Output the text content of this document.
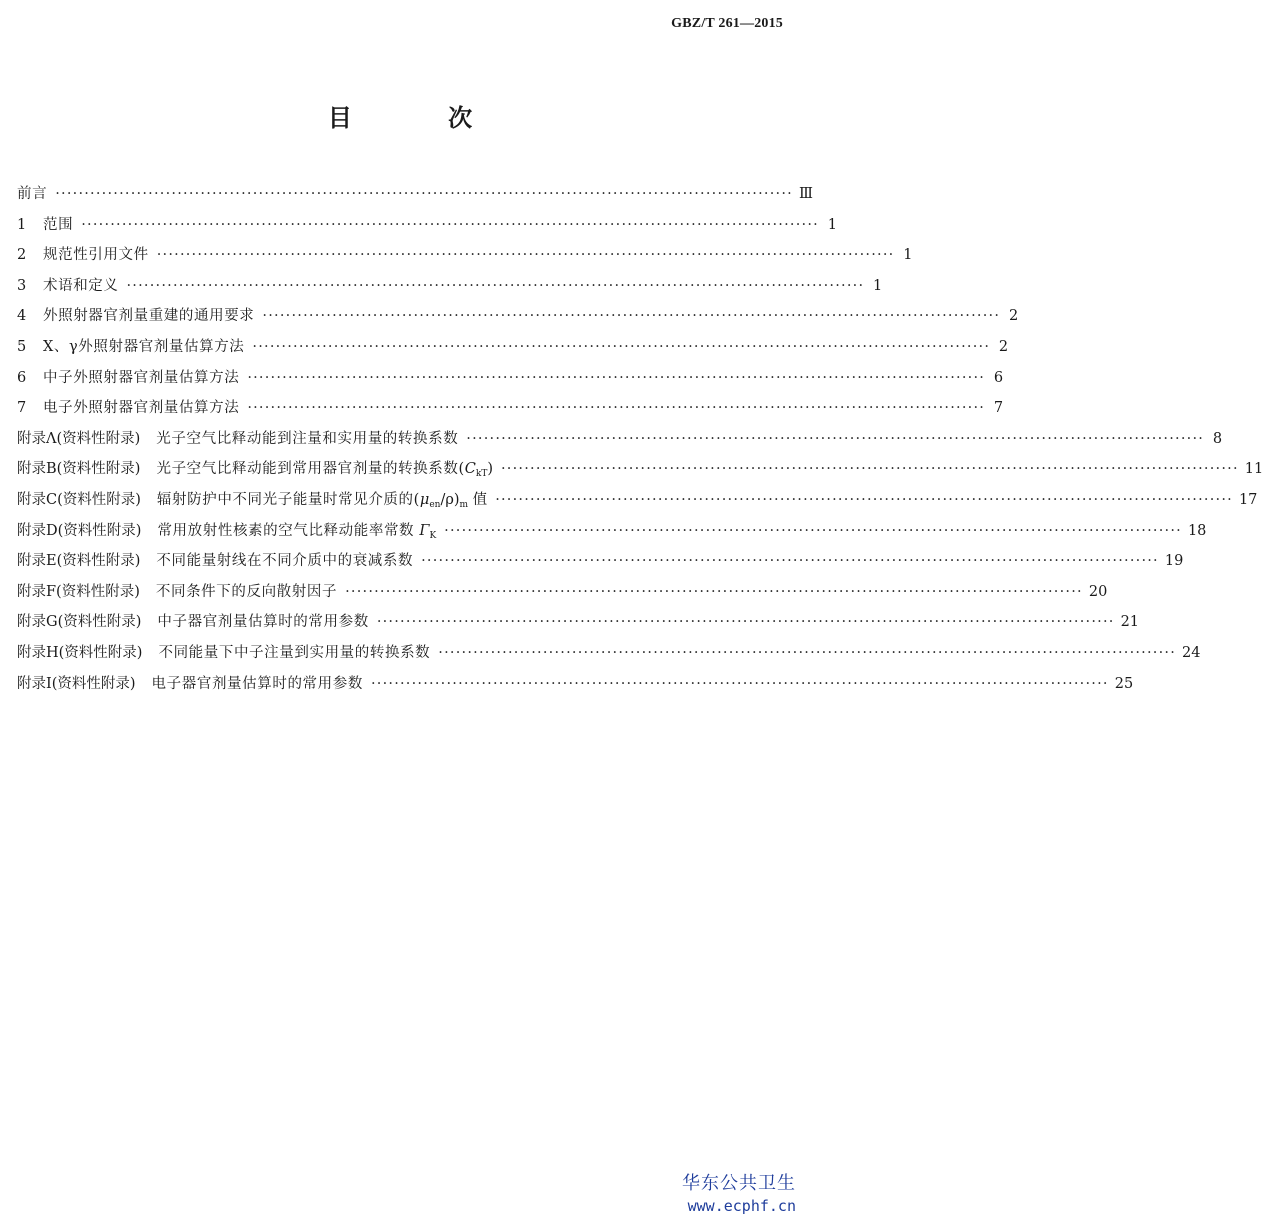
GBZ/T 261—2015
目 次
前言 ······························································································································· Ⅲ
1 范围 ······························································································································· 1
2 规范性引用文件 ······························································································································· 1
3 术语和定义 ······························································································································· 1
4 外照射器官剂量重建的通用要求 ······························································································································· 2
5 X、γ外照射器官剂量估算方法 ······························································································································· 2
6 中子外照射器官剂量估算方法 ······························································································································· 6
7 电子外照射器官剂量估算方法 ······························································································································· 7
附录Λ(资料性附录) 光子空气比释动能到注量和实用量的转换系数 ······························································································································· 8
附录B(资料性附录) 光子空气比释动能到常用器官剂量的转换系数$(C_{kT})$ ······························································································································· 11
附录C(资料性附录) 辐射防护中不同光子能量时常见介质的$(\mu_{en}/\rho)_m$ 值 ······························································································································· 17
附录D(资料性附录) 常用放射性核素的空气比释动能率常数 $\Gamma_K$ ······························································································································· 18
附录E(资料性附录) 不同能量射线在不同介质中的衰减系数 ······························································································································· 19
附录F(资料性附录) 不同条件下的反向散射因子 ······························································································································· 20
附录G(资料性附录) 中子器官剂量估算时的常用参数 ······························································································································· 21
附录H(资料性附录) 不同能量下中子注量到实用量的转换系数 ······························································································································· 24
附录I(资料性附录) 电子器官剂量估算时的常用参数 ······························································································································· 25
华东公共卫生
www.ecphf.cn
